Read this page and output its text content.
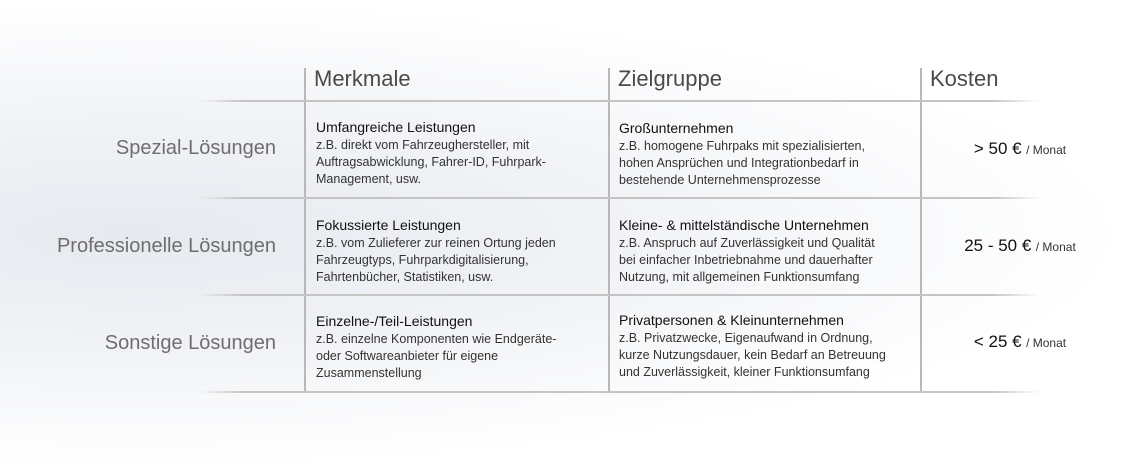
Merkmale	Zielgruppe	Kosten
Spezial-Lösungen
Umfangreiche Leistungen
z.B. direkt vom Fahrzeughersteller, mit
Auftragsabwicklung, Fahrer-ID, Fuhrpark-
Management, usw.
Großunternehmen
z.B. homogene Fuhrpaks mit spezialisierten,
hohen Ansprüchen und Integrationbedarf in
bestehende Unternehmensprozesse
> 50 € / Monat
Professionelle Lösungen
Fokussierte Leistungen
z.B. vom Zulieferer zur reinen Ortung jeden
Fahrzeugtyps, Fuhrparkdigitalisierung,
Fahrtenbücher, Statistiken, usw.
Kleine- & mittelständische Unternehmen
z.B. Anspruch auf Zuverlässigkeit und Qualität
bei einfacher Inbetriebnahme und dauerhafter
Nutzung, mit allgemeinen Funktionsumfang
25 - 50 € / Monat
Sonstige Lösungen
Einzelne-/Teil-Leistungen
z.B. einzelne Komponenten wie Endgeräte-
oder Softwareanbieter für eigene
Zusammenstellung
Privatpersonen & Kleinunternehmen
z.B. Privatzwecke, Eigenaufwand in Ordnung,
kurze Nutzungsdauer, kein Bedarf an Betreuung
und Zuverlässigkeit, kleiner Funktionsumfang
< 25 € / Monat
